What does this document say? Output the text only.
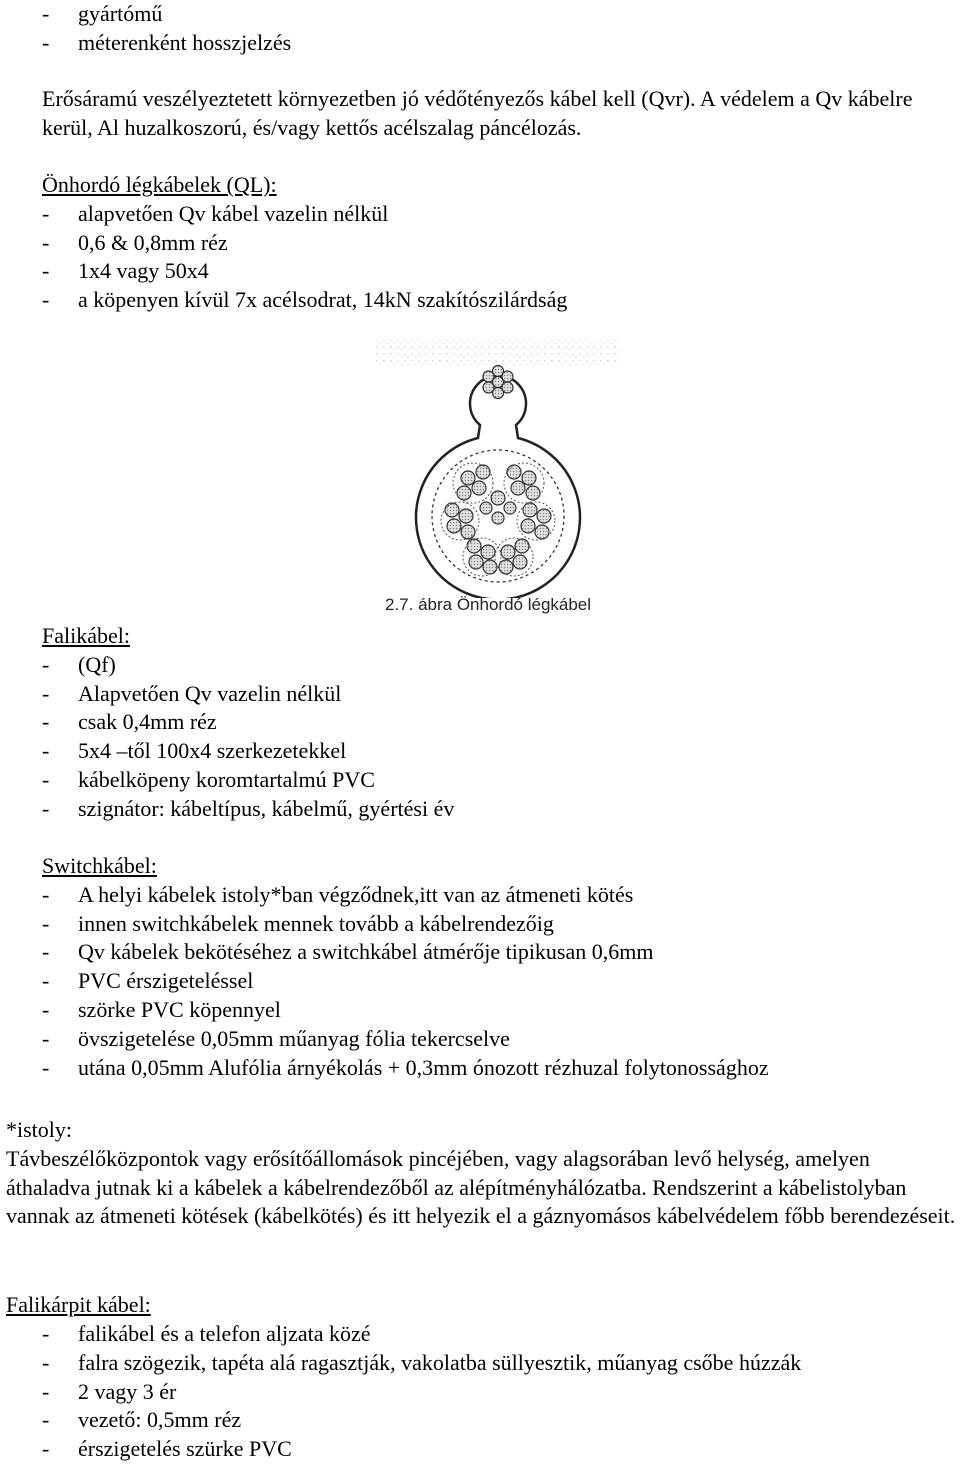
-	gyártómű
-	méterenként hosszjelzés

Erősáramú veszélyeztetett környezetben jó védőtényezős kábel kell (Qvr). A védelem a Qv kábelre kerül, Al huzalkoszorú, és/vagy kettős acélszalag páncélozás.

Önhordó légkábelek (QL):
-	alapvetően Qv kábel vazelin nélkül
-	0,6 & 0,8mm réz
-	1x4 vagy 50x4
-	a köpenyen kívül 7x acélsodrat, 14kN szakítószilárdság
2.7. ábra Önhordó légkábel
Falikábel:
-	(Qf)
-	Alapvetően Qv vazelin nélkül
-	csak 0,4mm réz
-	5x4 –től 100x4 szerkezetekkel
-	kábelköpeny koromtartalmú PVC
-	szignátor: kábeltípus, kábelmű, gyértési év
Switchkábel:
-	A helyi kábelek istoly*ban végződnek,itt van az átmeneti kötés
-	innen switchkábelek mennek tovább a kábelrendezőig
-	Qv kábelek bekötéséhez a switchkábel átmérője tipikusan 0,6mm
-	PVC érszigeteléssel
-	szörke PVC köpennyel
-	övszigetelése 0,05mm műanyag fólia tekercselve
-	utána 0,05mm Alufólia árnyékolás + 0,3mm ónozott rézhuzal folytonossághoz
*istoly:

Távbeszélőközpontok vagy erősítőállomások pincéjében, vagy alagsorában levő helység, amelyen áthaladva jutnak ki a kábelek a kábelrendezőből az alépítményhálózatba. Rendszerint a kábelistolyban vannak az átmeneti kötések (kábelkötés) és itt helyezik el a gáznyomásos kábelvédelem főbb berendezéseit.

Falikárpit kábel:
-	falikábel és a telefon aljzata közé
-	falra szögezik, tapéta alá ragasztják, vakolatba süllyesztik, műanyag csőbe húzzák
-	2 vagy 3 ér
-	vezető: 0,5mm réz
-	érszigetelés szürke PVC
